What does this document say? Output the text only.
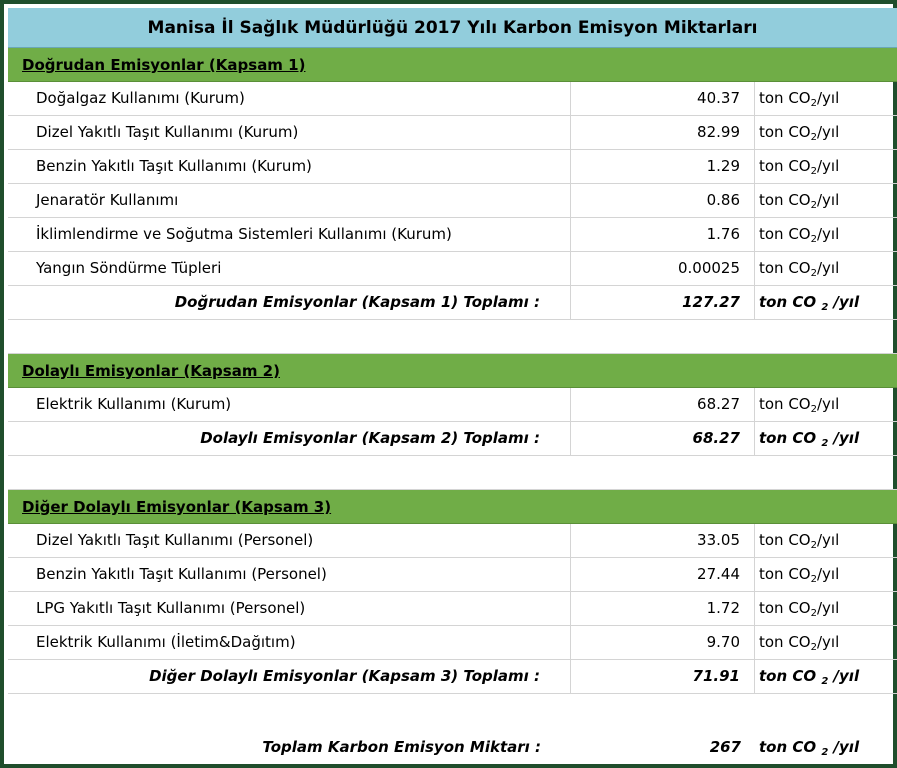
Manisa İl Sağlık Müdürlüğü 2017 Yılı Karbon Emisyon Miktarları
Doğrudan Emisyonlar (Kapsam 1)
Doğalgaz Kullanımı (Kurum)	40.37	ton $CO_2$/yıl
Dizel Yakıtlı Taşıt Kullanımı (Kurum)	82.99	ton $CO_2$/yıl
Benzin Yakıtlı Taşıt Kullanımı (Kurum)	1.29	ton $CO_2$/yıl
Jenaratör Kullanımı	0.86	ton $CO_2$/yıl
İklimlendirme ve Soğutma Sistemleri Kullanımı (Kurum)	1.76	ton $CO_2$/yıl
Yangın Söndürme Tüpleri	0.00025	ton $CO_2$/yıl
Doğrudan Emisyonlar (Kapsam 1) Toplamı :	127.27	ton CO $_2$ /yıl
Dolaylı Emisyonlar (Kapsam 2)
Elektrik Kullanımı (Kurum)	68.27	ton $CO_2$/yıl
Dolaylı Emisyonlar (Kapsam 2) Toplamı :	68.27	ton CO $_2$ /yıl
Diğer Dolaylı Emisyonlar (Kapsam 3)
Dizel Yakıtlı Taşıt Kullanımı (Personel)	33.05	ton $CO_2$/yıl
Benzin Yakıtlı Taşıt Kullanımı (Personel)	27.44	ton $CO_2$/yıl
LPG Yakıtlı Taşıt Kullanımı (Personel)	1.72	ton $CO_2$/yıl
Elektrik Kullanımı (İletim&Dağıtım)	9.70	ton $CO_2$/yıl
Diğer Dolaylı Emisyonlar (Kapsam 3) Toplamı :	71.91	ton CO $_2$ /yıl
Toplam Karbon Emisyon Miktarı :	267	ton CO $_2$ /yıl
